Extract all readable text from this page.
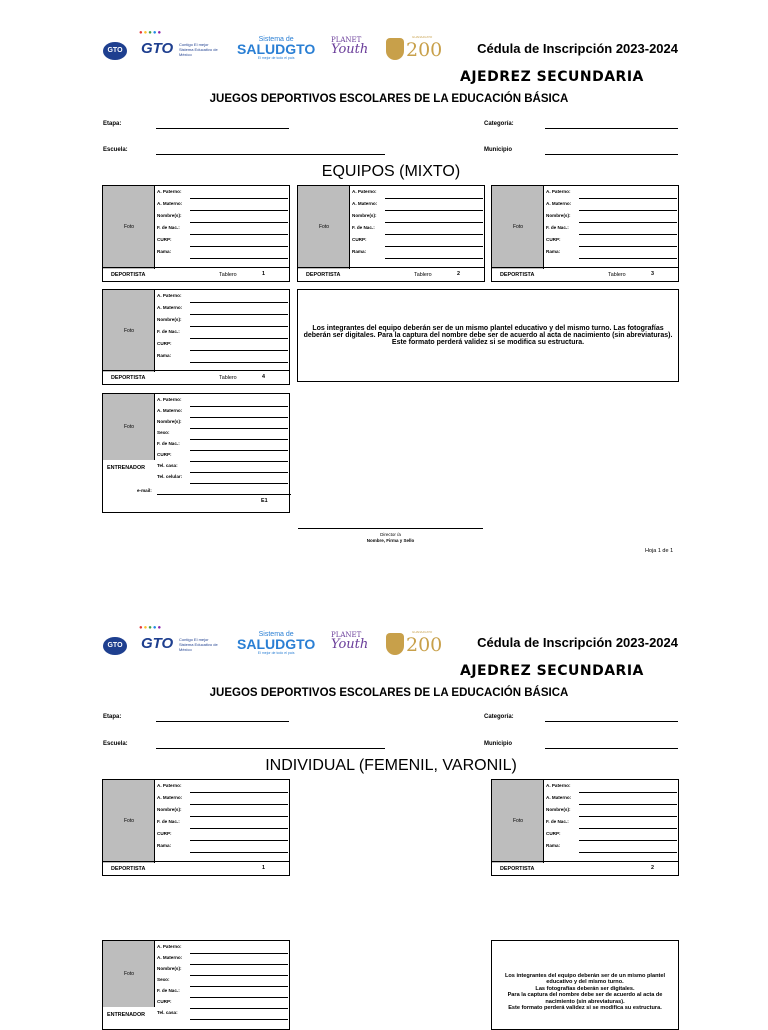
GTO
●●●●●
GTO Contigo El mejor Sistema Educativo de México
Sistema de
SALUDGTO
El mejor de todo el país
PLANET
Youth
GUANAJUATO
200	Cédula de Inscripción 2023-2024
AJEDREZ SECUNDARIA
JUEGOS DEPORTIVOS ESCOLARES DE LA EDUCACIÓN BÁSICA
Etapa:	Categoría:
Escuela:	Municipio
EQUIPOS (MIXTO)
Foto
A. Paterno:
A. Materno:
Nombre(s):
F. de Nac.:
CURP:
Rama:
DEPORTISTA	Tablero	1
Foto
A. Paterno:
A. Materno:
Nombre(s):
F. de Nac.:
CURP:
Rama:
DEPORTISTA	Tablero	2
Foto
A. Paterno:
A. Materno:
Nombre(s):
F. de Nac.:
CURP:
Rama:
DEPORTISTA	Tablero	3
Foto
A. Paterno:
A. Materno:
Nombre(s):
F. de Nac.:
CURP:
Rama:
DEPORTISTA	Tablero	4
Los integrantes del equipo deberán ser de un mismo plantel educativo y del mismo turno. Las fotografías deberán ser digitales. Para la captura del nombre debe ser de acuerdo al acta de nacimiento (sin abreviaturas). Este formato perderá validez si se modifica su estructura.
Foto
A. Paterno:
A. Materno:
Nombre(s):
Sexo:
F. de Nac.:
CURP:
Tel. casa:
Tel. celular:
ENTRENADOR
e-mail:
E1
Director /a
Nombre, Firma y Sello
Hoja 1 de 1
GTO
●●●●●
GTO Contigo El mejor Sistema Educativo de México
Sistema de
SALUDGTO
El mejor de todo el país
PLANET
Youth
GUANAJUATO
200	Cédula de Inscripción 2023-2024
AJEDREZ SECUNDARIA
JUEGOS DEPORTIVOS ESCOLARES DE LA EDUCACIÓN BÁSICA
Etapa:	Categoría:
Escuela:	Municipio
INDIVIDUAL (FEMENIL, VARONIL)
Foto
A. Paterno:
A. Materno:
Nombre(s):
F. de Nac.:
CURP:
Rama:
DEPORTISTA	1
Foto
A. Paterno:
A. Materno:
Nombre(s):
F. de Nac.:
CURP:
Rama:
DEPORTISTA	2
Foto
A. Paterno:
A. Materno:
Nombre(s):
Sexo:
F. de Nac.:
CURP:
Tel. casa:
ENTRENADOR
Los integrantes del equipo deberán ser de un mismo plantel educativo y del mismo turno.
Las fotografías deberán ser digitales.
Para la captura del nombre debe ser de acuerdo al acta de nacimiento (sin abreviaturas).
Este formato perderá validez si se modifica su estructura.
